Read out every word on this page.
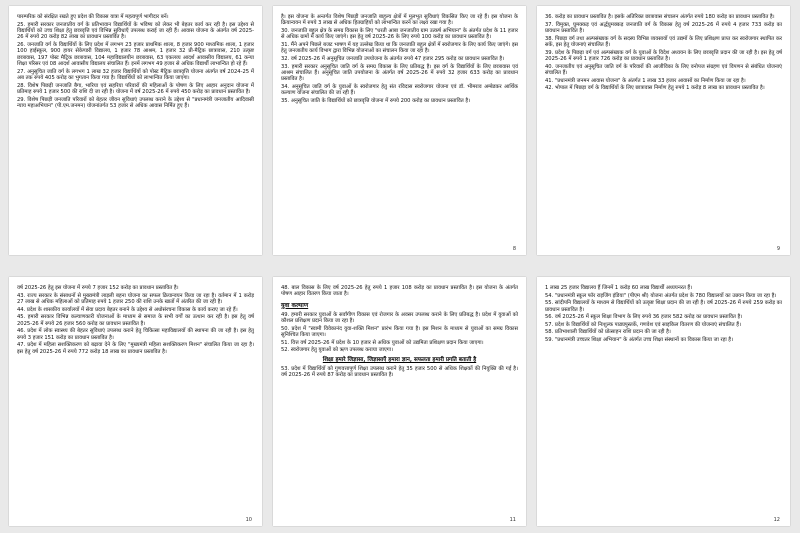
पारम्परिक को संरक्षित रखते हुए प्रदेश की विकास यात्रा में महत्वपूर्ण भागीदार बनें।

25. हमारी सरकार जनजातीय वर्ग के प्रतिभावान विद्यार्थियों के भविष्य को लेकर भी बेहतर कार्य कर रही है। इस उद्देश्य से विद्यार्थियों को उच्च शिक्षा हेतु छात्रवृत्ति एवं विभिन्न सुविधाएँ उपलब्ध कराई जा रही हैं। आवास योजना के अंतर्गत वर्ष 2025-26 में रुपये 20 करोड़ 82 लाख का प्रावधान प्रस्तावित है।

26. जनजाति वर्ग के विद्यार्थियों के लिए प्रदेश में लगभग 23 हजार प्राथमिक शाला, 8 हजार 900 माध्यमिक शाला, 1 हजार 100 हाईस्कूल, 900 हायर सेकेण्डरी विद्यालय, 1 हजार 78 आश्रम, 1 हजार 32 प्री-मैट्रिक छात्रावास, 210 उत्कृष्ट छात्रावास, 197 पोस्ट मैट्रिक छात्रावास, 104 महाविद्यालयीन छात्रावास, 63 एकलव्य आदर्श आवासीय विद्यालय, 61 कन्या शिक्षा परिसर एवं 08 आदर्श आवासीय विद्यालय संचालित हैं। इनमें लगभग 49 हजार से अधिक विद्यार्थी लाभान्वित हो रहे हैं।

27. अनुसूचित जाति वर्ग के लगभग 1 लाख 32 हजार विद्यार्थियों को पोस्ट मैट्रिक छात्रवृत्ति योजना अंतर्गत वर्ष 2024-25 में अब तक रुपये 405 करोड़ का भुगतान किया गया है। विद्यार्थियों को लाभान्वित किया जाएगा।

28. विशेष पिछड़ी जनजाति बैगा, भारिया एवं सहरिया परिवारों की महिलाओं के पोषण के लिए आहार अनुदान योजना में प्रतिमाह रुपये 1 हजार 500 की राशि दी जा रही है। योजना में वर्ष 2025-26 में रुपये 450 करोड़ का प्रावधान प्रस्तावित है।

29. विशेष पिछड़ी जनजाति परिवारों को बेहतर जीवन सुविधाएं उपलब्ध कराने के उद्देश्य से "प्रधानमंत्री जनजातीय आदिवासी न्याय महाअभियान" (पी.एम.जनमन) योजनांतर्गत 53 हजार से अधिक आवास निर्मित हुए हैं।

है। इस योजना के अन्तर्गत विशेष पिछड़ी जनजाति बाहुल्य क्षेत्रों में मूलभूत सुविधाएं विकसित किए जा रहे हैं। इस योजना के क्रियान्वयन में रुपये 3 लाख से अधिक हितग्राहियों को लाभान्वित करने का लक्ष्य रखा गया है।

30. जनजाति बहुल क्षेत्र के समग्र विकास के लिए "धरती आबा जनजातीय ग्राम उत्कर्ष अभियान" के अंतर्गत प्रदेश के 11 हजार से अधिक ग्रामों में कार्य किए जाएंगे। इस हेतु वर्ष 2025-26 के लिए रुपये 100 करोड़ का प्रावधान प्रस्तावित है।

31. मैंने अपने पिछले बजट भाषण में यह उल्लेख किया था कि जनजाति बहुल क्षेत्रों में स्वरोजगार के लिए कार्य किए जाएंगे। इस हेतु जनजातीय कार्य विभाग द्वारा विभिन्न योजनाओं का संचालन किया जा रहा है।

32. वर्ष 2025-26 में अनुसूचित जनजाति उपयोजना के अंतर्गत रुपये 47 हजार 295 करोड़ का प्रावधान प्रस्तावित है।

33. हमारी सरकार अनुसूचित जाति वर्ग के समग्र विकास के लिए प्रतिबद्ध है। इस वर्ग के विद्यार्थियों के लिए छात्रावास एवं आश्रम संचालित हैं। अनुसूचित जाति उपयोजना के अंतर्गत वर्ष 2025-26 में रुपये 32 हजार 633 करोड़ का प्रावधान प्रस्तावित है।

34. अनुसूचित जाति वर्ग के युवाओं के स्वरोजगार हेतु संत रविदास स्वरोजगार योजना एवं डॉ. भीमराव अम्बेडकर आर्थिक कल्याण योजना संचालित की जा रही हैं।

35. अनुसूचित जाति के विद्यार्थियों को छात्रवृत्ति योजना में रुपये 200 करोड़ का प्रावधान प्रस्तावित है।

8

36. करोड़ का प्रावधान प्रस्तावित है। इसके अतिरिक्त छात्रावास संचालन अंतर्गत रुपये 180 करोड़ का प्रावधान प्रस्तावित है।

37. विमुक्त, घुमक्कड़ एवं अर्द्धघुमक्कड़ जनजाति वर्ग के विकास हेतु वर्ष 2025-26 में रुपये 4 हजार 733 करोड़ का प्रावधान प्रस्तावित है।

38. पिछड़ा वर्ग तथा अल्पसंख्यक वर्ग के सदस्य विभिन्न व्यवसायों एवं उद्यमों के लिए प्रशिक्षण प्राप्त कर स्वरोजगार स्थापित कर सकें, इस हेतु योजनाएं संचालित हैं।

39. प्रदेश के पिछड़ा वर्ग एवं अल्पसंख्यक वर्ग के युवाओं के विदेश अध्ययन के लिए छात्रवृत्ति प्रदान की जा रही है। इस हेतु वर्ष 2025-26 में रुपये 1 हजार 726 करोड़ का प्रावधान प्रस्तावित है।

40. जनजातीय एवं अनुसूचित जाति वर्ग के परिवारों की आजीविका के लिए वनोपज संग्रहण एवं विपणन से संबंधित योजनाएं संचालित हैं।

41. "प्रधानमंत्री जनमन आवास योजना" के अंतर्गत 1 लाख 33 हजार आवासों का निर्माण किया जा रहा है।

42. भोपाल में पिछड़ा वर्ग के विद्यार्थियों के लिए छात्रावास निर्माण हेतु रुपये 1 करोड़ 8 लाख का प्रावधान प्रस्तावित है।

9

वर्ष 2025-26 हेतु इस योजना में रुपये 7 हजार 152 करोड़ का प्रावधान प्रस्तावित है।

43. राज्य सरकार के संसाधनों से मुख्यमंत्री लाड़ली बहना योजना का सफल क्रियान्वयन किया जा रहा है। वर्तमान में 1 करोड़ 27 लाख से अधिक महिलाओं को प्रतिमाह रुपये 1 हजार 250 की राशि उनके खातों में अंतरित की जा रही है।

44. प्रदेश के शासकीय कार्यालयों में सेवा प्रदाय बेहतर बनाने के उद्देश्य से अधोसंरचना विकास के कार्य कराए जा रहे हैं।

45. हमारी सरकार विभिन्न कल्याणकारी योजनाओं के माध्यम से समाज के सभी वर्गों का उत्थान कर रही है। इस हेतु वर्ष 2025-26 में रुपये 26 हजार 560 करोड़ का प्रावधान प्रस्तावित है।

46. प्रदेश में लोक स्वास्थ्य की बेहतर सुविधाएं उपलब्ध कराने हेतु चिकित्सा महाविद्यालयों की स्थापना की जा रही है। इस हेतु रुपये 3 हजार 151 करोड़ का प्रावधान प्रस्तावित है।

47. प्रदेश में महिला सशक्तिकरण को बढ़ावा देने के लिए "मुख्यमंत्री महिला सशक्तिकरण मिशन" संचालित किया जा रहा है। इस हेतु वर्ष 2025-26 में रुपये 772 करोड़ 18 लाख का प्रावधान प्रस्तावित है।

10

48. बाल विकास के लिए वर्ष 2025-26 हेतु रुपये 1 हजार 108 करोड़ का प्रावधान प्रस्तावित है। इस योजना के अंतर्गत पोषण आहार वितरण किया जाता है।

युवा कल्याण

49. हमारी सरकार युवाओं के सर्वांगीण विकास एवं रोजगार के अवसर उपलब्ध कराने के लिए प्रतिबद्ध है। प्रदेश में युवाओं को कौशल प्रशिक्षण प्रदान किया जा रहा है।

50. प्रदेश में "स्वामी विवेकानंद युवा-शक्ति मिशन" प्रारंभ किया गया है। इस मिशन के माध्यम से युवाओं का समग्र विकास सुनिश्चित किया जाएगा।

51. वित्त वर्ष 2025-26 में प्रदेश के 10 हजार से अधिक युवाओं को उद्यमिता प्रशिक्षण प्रदान किया जाएगा।

52. स्वरोजगार हेतु युवाओं को ऋण उपलब्ध कराया जाएगा।

शिक्षा हमारे जिज्ञासा, जिज्ञासाएँ हमारा ज्ञान, सफलता हमारी प्रगति बताती है

53. प्रदेश में विद्यार्थियों को गुणवत्तापूर्ण शिक्षा उपलब्ध कराने हेतु 35 हजार 500 से अधिक शिक्षकों की नियुक्ति की गई है। वर्ष 2025-26 में रुपये 87 करोड़ का प्रावधान प्रस्तावित है।

11

1 लाख 25 हजार विद्यालय हैं जिनमें 1 करोड़ 60 लाख विद्यार्थी अध्ययनरत हैं।

54. "प्रधानमंत्री स्कूल फॉर राइजिंग इंडिया" (पीएम श्री) योजना अंतर्गत प्रदेश के 780 विद्यालयों का उन्नयन किया जा रहा है।

55. सांदीपनि विद्यालयों के माध्यम से विद्यार्थियों को उत्कृष्ट शिक्षा प्रदान की जा रही है। वर्ष 2025-26 में रुपये 259 करोड़ का प्रावधान प्रस्तावित है।

56. वर्ष 2025-26 में स्कूल शिक्षा विभाग के लिए रुपये 36 हजार 582 करोड़ का प्रावधान प्रस्तावित है।

57. प्रदेश के विद्यार्थियों को निःशुल्क पाठ्यपुस्तकें, गणवेश एवं साइकिल वितरण की योजनाएं संचालित हैं।

58. प्रतिभाशाली विद्यार्थियों को प्रोत्साहन राशि प्रदान की जा रही है।

59. "प्रधानमंत्री उच्चतर शिक्षा अभियान" के अंतर्गत उच्च शिक्षा संस्थानों का विकास किया जा रहा है।

12
